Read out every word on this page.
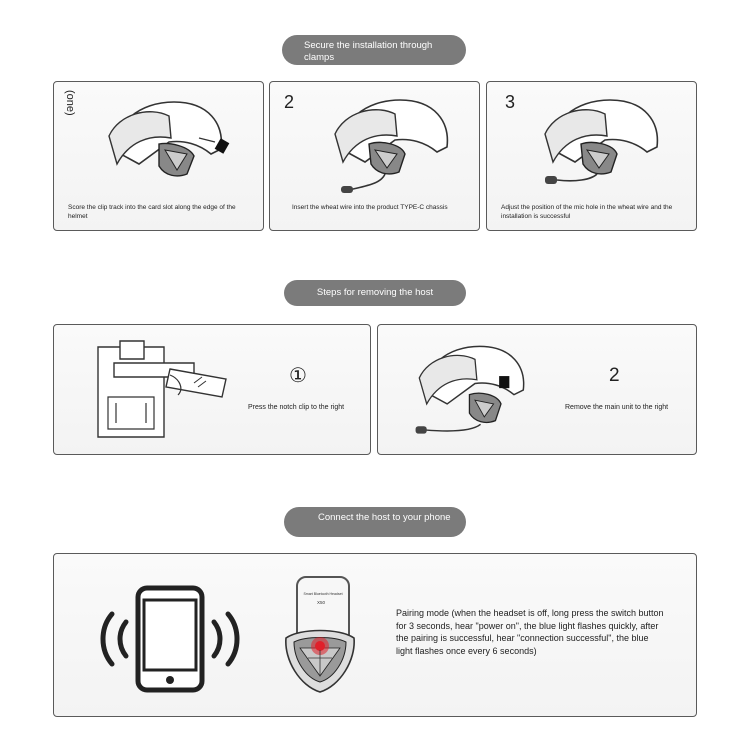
Secure the installation through clamps
(one)
Score the clip track into the card slot along the edge of the helmet
2
Insert the wheat wire into the product TYPE-C chassis
3
Adjust the position of the mic hole in the wheat wire and the installation is successful
Steps for removing the host
①
Press the notch clip to the right
2
Remove the main unit to the right
Connect the host to your phone
Smart Bluetooth Headset
X50
Pairing mode (when the headset is off, long press the switch button for 3 seconds, hear "power on", the blue light flashes quickly, after the pairing is successful, hear "connection successful", the blue light flashes once every 6 seconds)
